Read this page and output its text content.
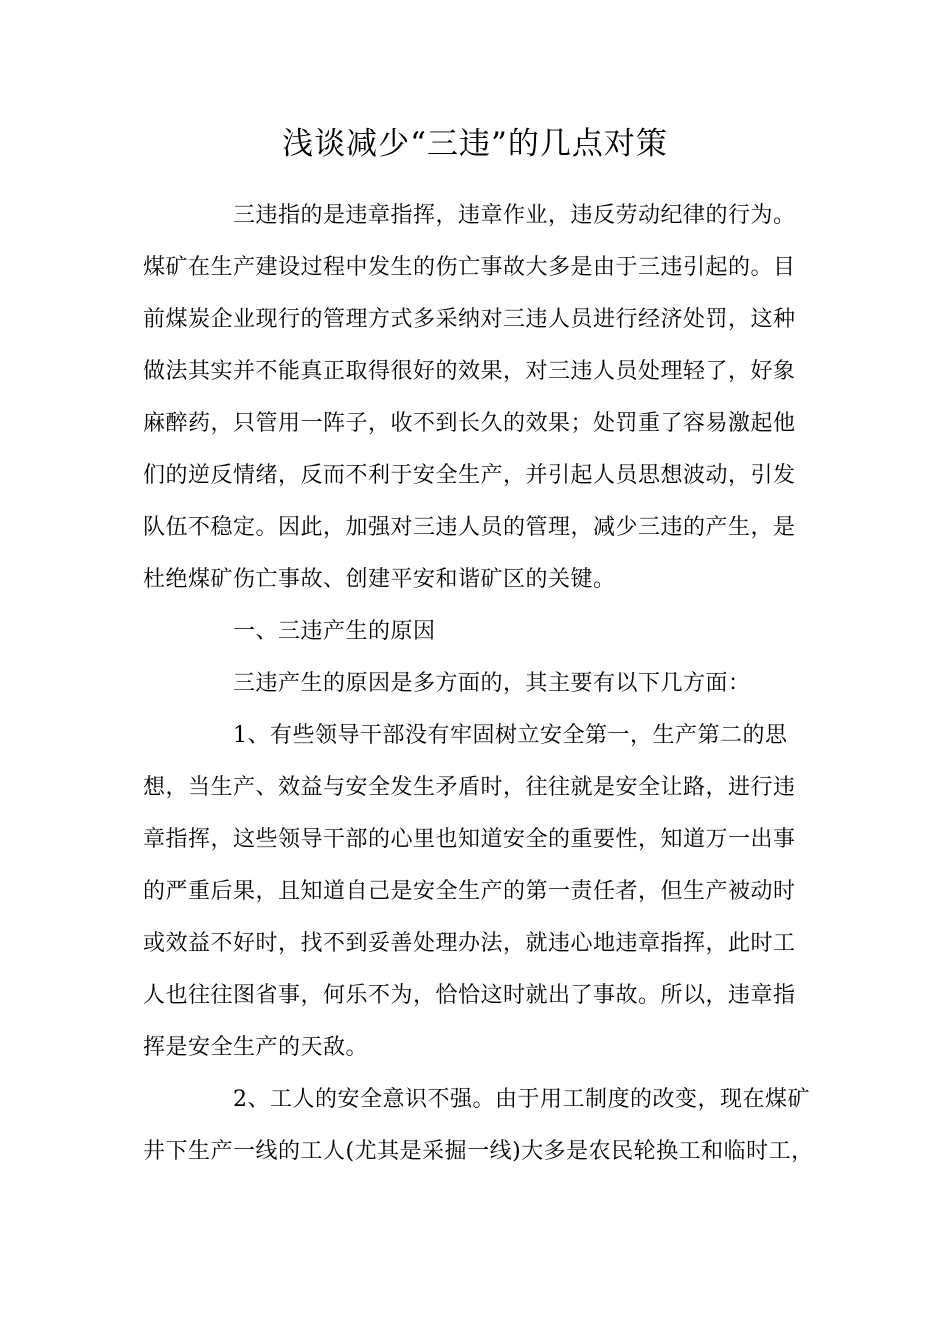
浅谈减少“三违”的几点对策
三违指的是违章指挥，违章作业，违反劳动纪律的行为。
煤矿在生产建设过程中发生的伤亡事故大多是由于三违引起的。目
前煤炭企业现行的管理方式多采纳对三违人员进行经济处罚，这种
做法其实并不能真正取得很好的效果，对三违人员处理轻了，好象
麻醉药，只管用一阵子，收不到长久的效果；处罚重了容易激起他
们的逆反情绪，反而不利于安全生产，并引起人员思想波动，引发
队伍不稳定。因此，加强对三违人员的管理，减少三违的产生，是
杜绝煤矿伤亡事故、创建平安和谐矿区的关键。
一、三违产生的原因
三违产生的原因是多方面的，其主要有以下几方面：
1、有些领导干部没有牢固树立安全第一，生产第二的思
想，当生产、效益与安全发生矛盾时，往往就是安全让路，进行违
章指挥，这些领导干部的心里也知道安全的重要性，知道万一出事
的严重后果，且知道自己是安全生产的第一责任者，但生产被动时
或效益不好时，找不到妥善处理办法，就违心地违章指挥，此时工
人也往往图省事，何乐不为，恰恰这时就出了事故。所以，违章指
挥是安全生产的天敌。
2、工人的安全意识不强。由于用工制度的改变，现在煤矿
井下生产一线的工人(尤其是采掘一线)大多是农民轮换工和临时工，
